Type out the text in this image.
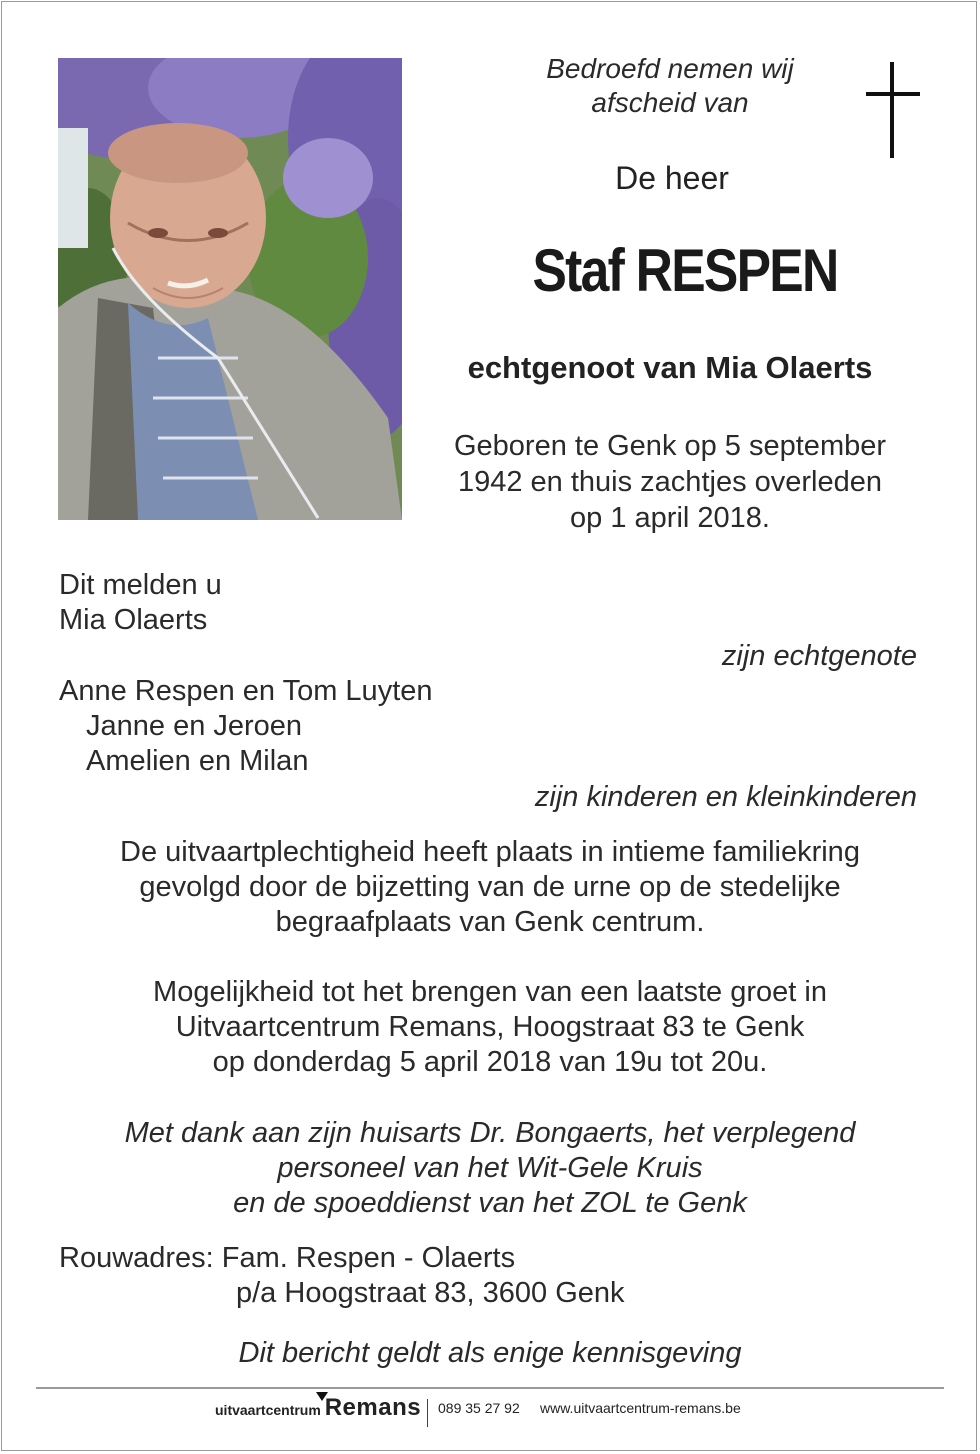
Bedroefd nemen wij
afscheid van
De heer
Staf RESPEN
echtgenoot van Mia Olaerts
Geboren te Genk op 5 september
1942 en thuis zachtjes overleden
op 1 april 2018.
Dit melden u
Mia Olaerts
zijn echtgenote
Anne Respen en Tom Luyten
Janne en Jeroen
Amelien en Milan
zijn kinderen en kleinkinderen
De uitvaartplechtigheid heeft plaats in intieme familiekring
gevolgd door de bijzetting van de urne op de stedelijke
begraafplaats van Genk centrum.
Mogelijkheid tot het brengen van een laatste groet in
Uitvaartcentrum Remans, Hoogstraat 83 te Genk
op donderdag 5 april 2018 van 19u tot 20u.
Met dank aan zijn huisarts Dr. Bongaerts, het verplegend
personeel van het Wit-Gele Kruis
en de spoeddienst van het ZOL te Genk
Rouwadres: Fam. Respen - Olaerts
p/a Hoogstraat 83, 3600 Genk
Dit bericht geldt als enige kennisgeving
uitvaartcentrum Remans 089 35 27 92 www.uitvaartcentrum-remans.be
